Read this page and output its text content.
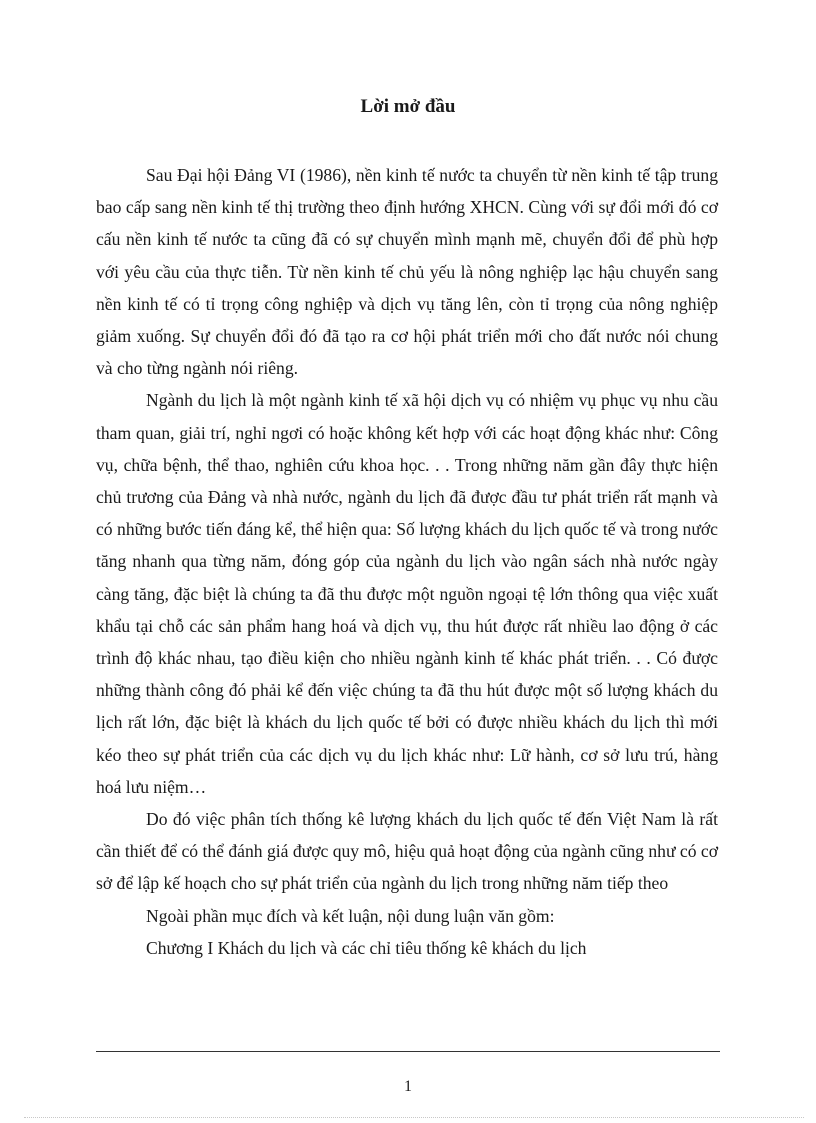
Lời mở đầu

Sau Đại hội Đảng VI (1986), nền kinh tế nước ta chuyển từ nền kinh tế tập trung bao cấp sang nền kinh tế thị trường theo định hướng XHCN. Cùng với sự đổi mới đó cơ cấu nền kinh tế nước ta cũng đã có sự chuyển mình mạnh mẽ, chuyển đổi để phù hợp với yêu cầu của thực tiễn. Từ nền kinh tế chủ yếu là nông nghiệp lạc hậu chuyển sang nền kinh tế có tỉ trọng công nghiệp và dịch vụ tăng lên, còn tỉ trọng của nông nghiệp giảm xuống. Sự chuyển đổi đó đã tạo ra cơ hội phát triển mới cho đất nước nói chung và cho từng ngành nói riêng.

Ngành du lịch là một ngành kinh tế xã hội dịch vụ có nhiệm vụ phục vụ nhu cầu tham quan, giải trí, nghỉ ngơi có hoặc không kết hợp với các hoạt động khác như: Công vụ, chữa bệnh, thể thao, nghiên cứu khoa học. . . Trong những năm gần đây thực hiện chủ trương của Đảng và nhà nước, ngành du lịch đã được đầu tư phát triển rất mạnh và có những bước tiến đáng kể, thể hiện qua: Số lượng khách du lịch quốc tế và trong nước tăng nhanh qua từng năm, đóng góp của ngành du lịch vào ngân sách nhà nước ngày càng tăng, đặc biệt là chúng ta đã thu được một nguồn ngoại tệ lớn thông qua việc xuất khẩu tại chỗ các sản phẩm hang hoá và dịch vụ, thu hút được rất nhiều lao động ở các trình độ khác nhau, tạo điều kiện cho nhiều ngành kinh tế khác phát triển. . . Có được những thành công đó phải kể đến việc chúng ta đã thu hút được một số lượng khách du lịch rất lớn, đặc biệt là khách du lịch quốc tế bởi có được nhiều khách du lịch thì mới kéo theo sự phát triển của các dịch vụ du lịch khác như: Lữ hành, cơ sở lưu trú, hàng hoá lưu niệm…

Do đó việc phân tích thống kê lượng khách du lịch quốc tế đến Việt Nam là rất cần thiết để có thể đánh giá được quy mô, hiệu quả hoạt động của ngành cũng như có cơ sở để lập kế hoạch cho sự phát triển của ngành du lịch trong những năm tiếp theo

Ngoài phần mục đích và kết luận, nội dung luận văn gồm:

Chương I Khách du lịch và các chỉ tiêu thống kê khách du lịch

1
